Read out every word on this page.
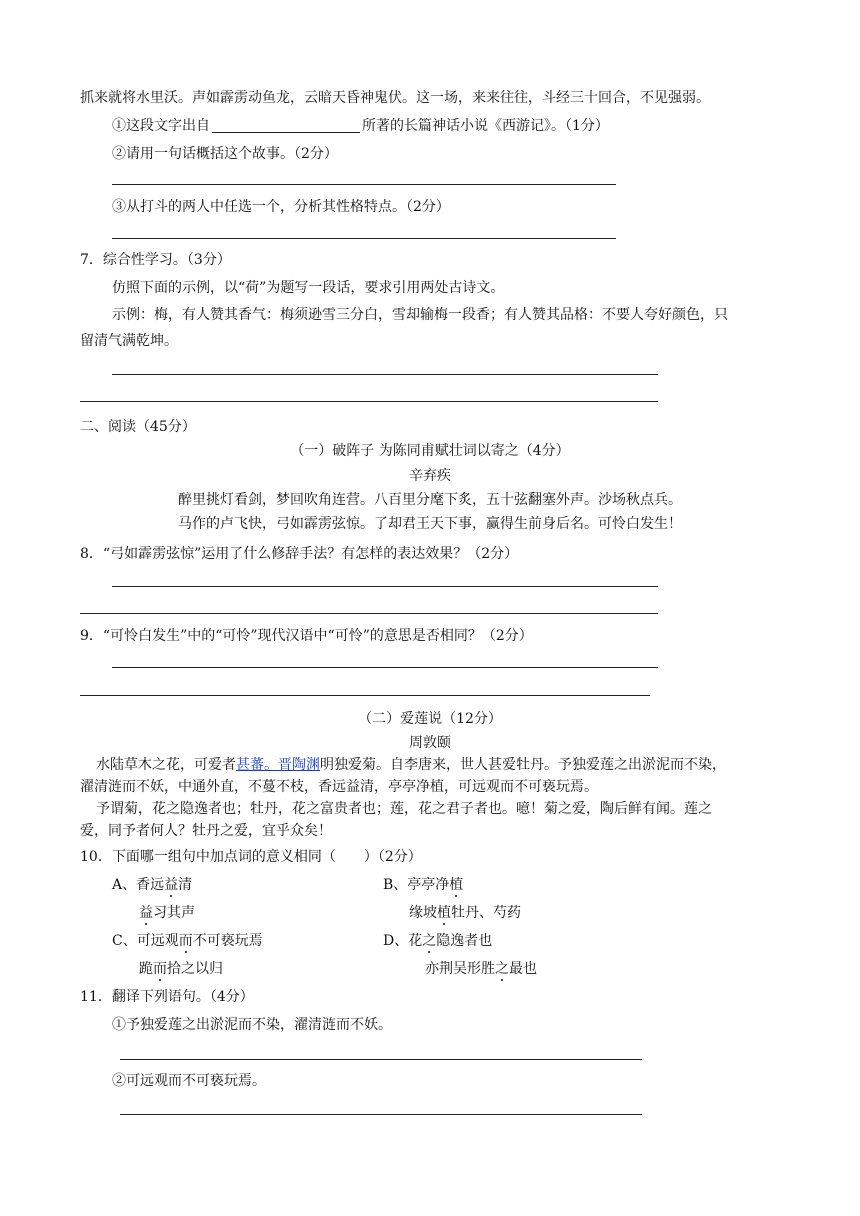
抓来就将水里沃。声如霹雳动鱼龙，云暗天昏神鬼伏。这一场，来来往往，斗经三十回合，不见强弱。
①这段文字出自	所著的长篇神话小说《西游记》。（1分）
②请用一句话概括这个故事。（2分）
③从打斗的两人中任选一个，分析其性格特点。（2分）
7．综合性学习。（3分）
仿照下面的示例，以“荷”为题写一段话，要求引用两处古诗文。
示例：梅，有人赞其香气：梅须逊雪三分白，雪却输梅一段香；有人赞其品格：不要人夸好颜色，只
留清气满乾坤。
二、阅读（45分）
（一）破阵子 为陈同甫赋壮词以寄之（4分）
辛弃疾
醉里挑灯看剑，梦回吹角连营。八百里分麾下炙，五十弦翻塞外声。沙场秋点兵。
马作的卢飞快，弓如霹雳弦惊。了却君王天下事，赢得生前身后名。可怜白发生！
8．“弓如霹雳弦惊”运用了什么修辞手法？有怎样的表达效果？（2分）
9．“可怜白发生”中的“可怜”现代汉语中“可怜”的意思是否相同？（2分）
（二）爱莲说（12分）
周敦颐
水陆草木之花，可爱者甚蕃。晋陶渊明独爱菊。自李唐来，世人甚爱牡丹。予独爱莲之出淤泥而不染，
濯清涟而不妖，中通外直，不蔓不枝，香远益清，亭亭净植，可远观而不可亵玩焉。
予谓菊，花之隐逸者也；牡丹，花之富贵者也；莲，花之君子者也。噫！菊之爱，陶后鲜有闻。莲之
爱，同予者何人？牡丹之爱，宜乎众矣！
10．下面哪一组句中加点词的意义相同（　　）（2分）
A、香远益清	B、亭亭净植
益习其声	缘坡植牡丹、芍药
C、可远观而不可亵玩焉	D、花之隐逸者也
跪而拾之以归	亦荆吴形胜之最也
11．翻译下列语句。（4分）
①予独爱莲之出淤泥而不染，濯清涟而不妖。
②可远观而不可亵玩焉。
